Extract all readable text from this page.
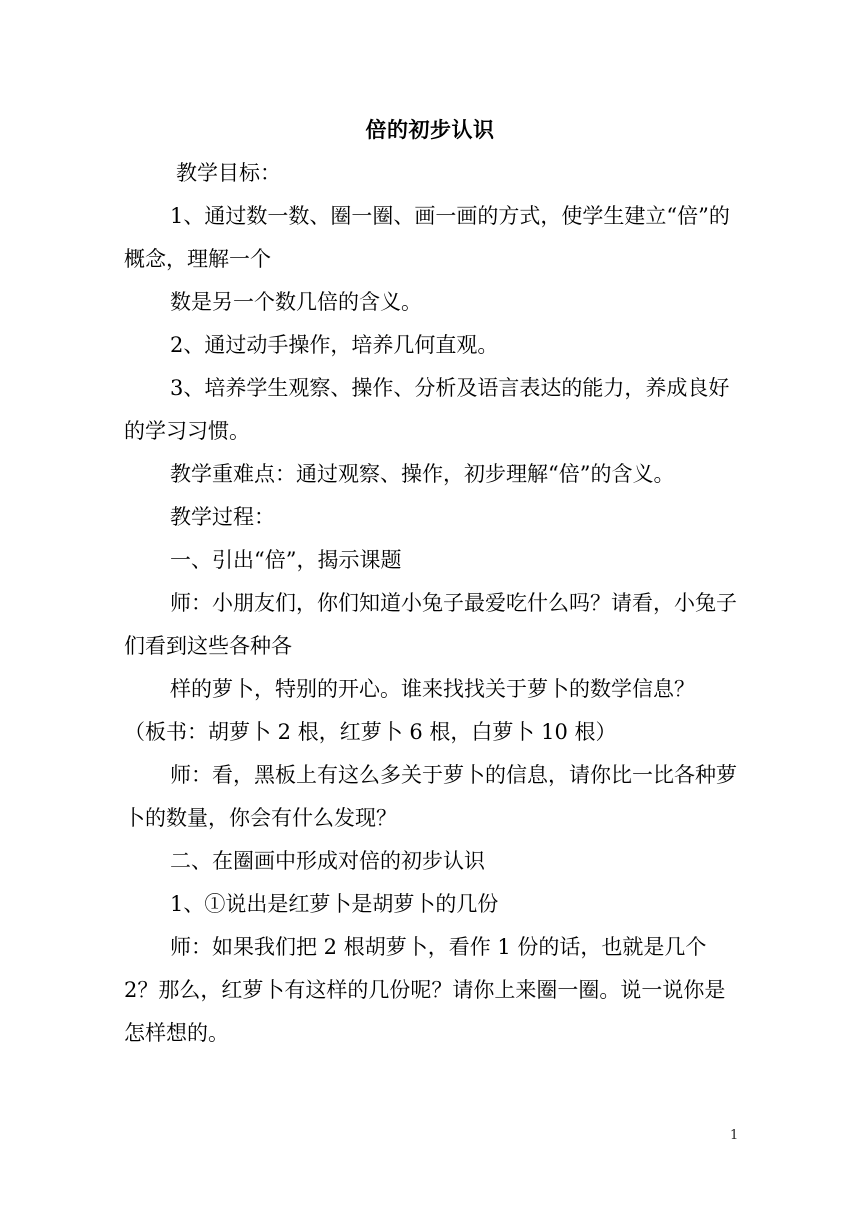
倍的初步认识

教学目标：

1、通过数一数、圈一圈、画一画的方式，使学生建立“倍”的概念，理解一个

数是另一个数几倍的含义。

2、通过动手操作，培养几何直观。

3、培养学生观察、操作、分析及语言表达的能力，养成良好的学习习惯。

教学重难点：通过观察、操作，初步理解“倍”的含义。

教学过程：

一、引出“倍”，揭示课题

师：小朋友们，你们知道小兔子最爱吃什么吗？请看，小兔子们看到这些各种各

样的萝卜，特别的开心。谁来找找关于萝卜的数学信息？

（板书：胡萝卜 2 根，红萝卜 6 根，白萝卜 10 根）

师：看，黑板上有这么多关于萝卜的信息，请你比一比各种萝卜的数量，你会有什么发现？

二、在圈画中形成对倍的初步认识

1、①说出是红萝卜是胡萝卜的几份

师：如果我们把 2 根胡萝卜，看作 1 份的话，也就是几个 2？那么，红萝卜有这样的几份呢？请你上来圈一圈。说一说你是怎样想的。

1
